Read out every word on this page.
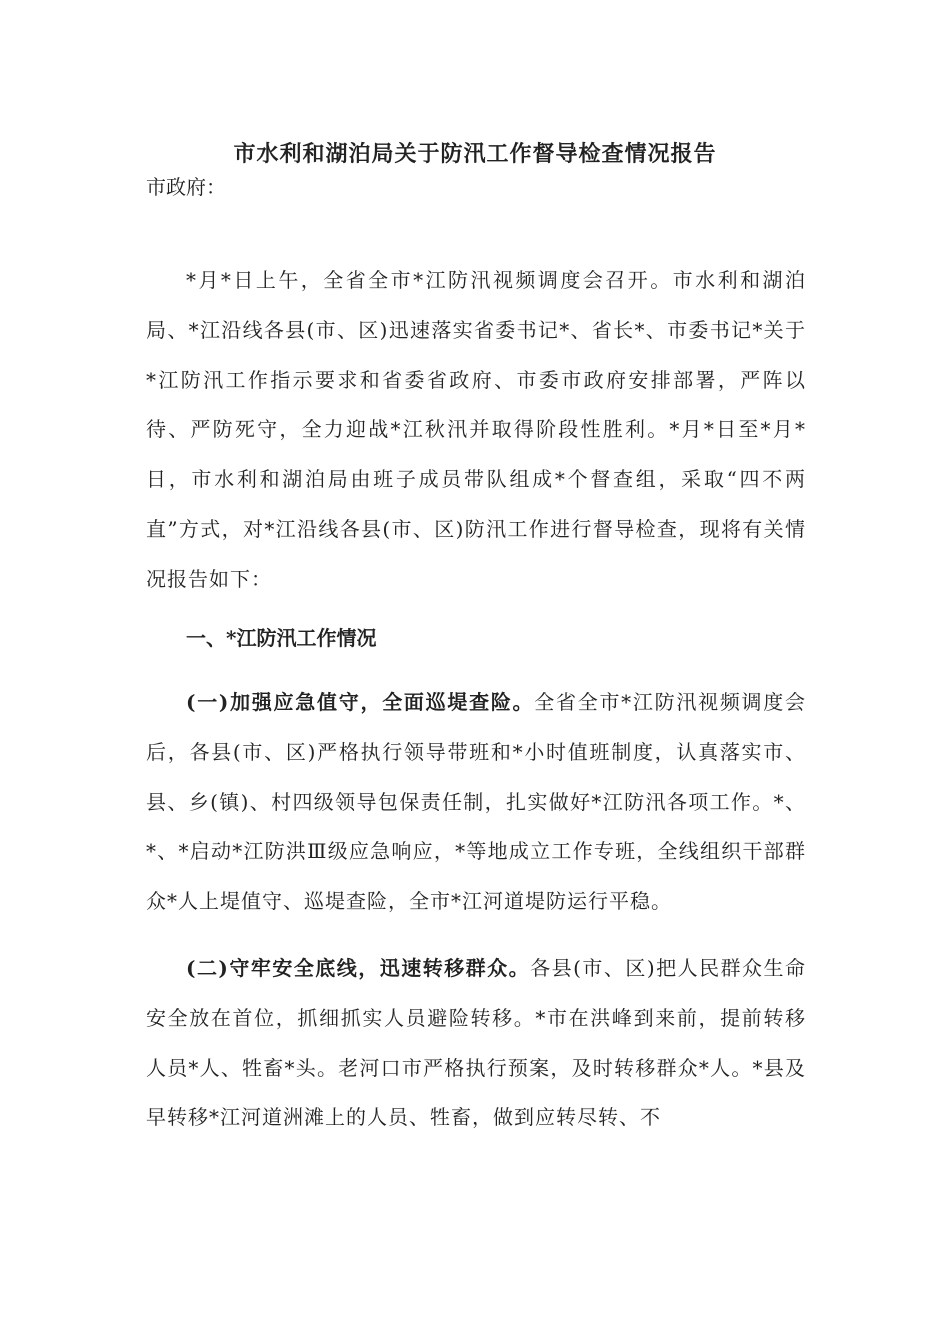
市水利和湖泊局关于防汛工作督导检查情况报告

市政府：

*月*日上午，全省全市*江防汛视频调度会召开。市水利和湖泊局、*江沿线各县(市、区)迅速落实省委书记*、省长*、市委书记*关于*江防汛工作指示要求和省委省政府、市委市政府安排部署，严阵以待、严防死守，全力迎战*江秋汛并取得阶段性胜利。*月*日至*月*日，市水利和湖泊局由班子成员带队组成*个督查组，采取“四不两直”方式，对*江沿线各县(市、区)防汛工作进行督导检查，现将有关情况报告如下：

一、*江防汛工作情况

(一)加强应急值守，全面巡堤查险。全省全市*江防汛视频调度会后，各县(市、区)严格执行领导带班和*小时值班制度，认真落实市、县、乡(镇)、村四级领导包保责任制，扎实做好*江防汛各项工作。*、*、*启动*江防洪Ⅲ级应急响应，*等地成立工作专班，全线组织干部群众*人上堤值守、巡堤查险，全市*江河道堤防运行平稳。

(二)守牢安全底线，迅速转移群众。各县(市、区)把人民群众生命安全放在首位，抓细抓实人员避险转移。*市在洪峰到来前，提前转移人员*人、牲畜*头。老河口市严格执行预案，及时转移群众*人。*县及早转移*江河道洲滩上的人员、牲畜，做到应转尽转、不
